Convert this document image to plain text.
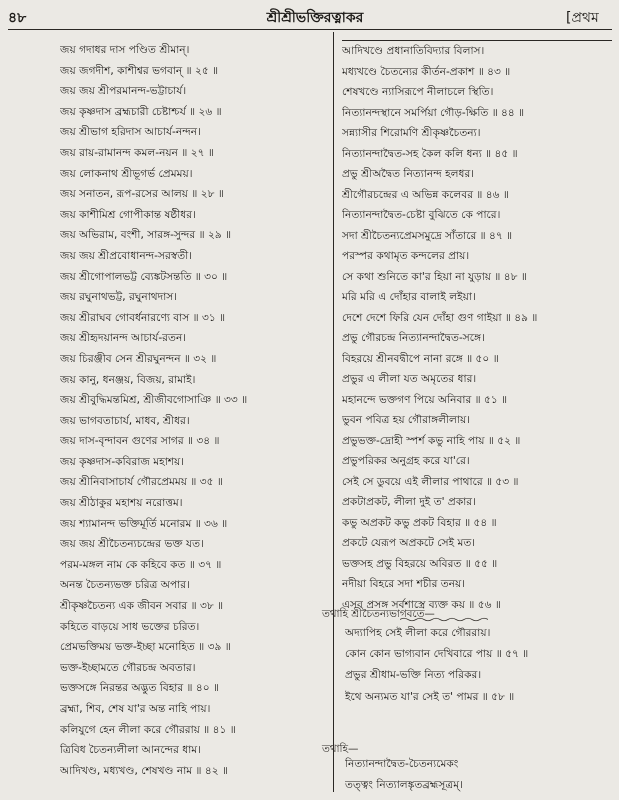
৪৮	শ্রীশ্রীভক্তিরত্নাকর	[প্রথম
জয় গদাধর দাস পণ্ডিত শ্রীমান্।
জয় জগদীশ, কাশীশ্বর ভগবান্ ॥ ২৫ ॥
জয় জয় শ্রীপরমানন্দ-ভট্টাচার্য।
জয় কৃষ্ণদাস ব্রহ্মচারী চেষ্টাশ্চর্য ॥ ২৬ ॥
জয় শ্রীভাগ হরিদাস আচার্য-নন্দন।
জয় রায়-রামানন্দ কমল-নয়ন ॥ ২৭ ॥
জয় লোকনাথ শ্রীভূগর্ভ প্রেমময়।
জয় সনাতন, রূপ-রসের আলয় ॥ ২৮ ॥
জয় কাশীমিশ্র গোপীকান্ত ষষ্ঠীধর।
জয় অভিরাম, বংশী, সারঙ্গ-সুন্দর ॥ ২৯ ॥
জয় জয় শ্রীপ্রবোধানন্দ-সরস্বতী।
জয় শ্রীগোপালভট্ট ব্যেঙ্কটসন্ততি ॥ ৩০ ॥
জয় রঘুনাথভট্ট, রঘুনাথদাস।
জয় শ্রীরাঘব গোবর্ধনারণ্যে বাস ॥ ৩১ ॥
জয় শ্রীহৃদয়ানন্দ আচার্য-রতন।
জয় চিরঞ্জীব সেন শ্রীরঘুনন্দন ॥ ৩২ ॥
জয় কানু, ধনঞ্জয়, বিজয়, রামাই।
জয় শ্রীবুদ্ধিমন্তমিশ্র, শ্রীজীবগোসাঞি ॥ ৩৩ ॥
জয় ভাগবতাচার্য, মাধব, শ্রীধর।
জয় দাস-বৃন্দাবন গুণের সাগর ॥ ৩৪ ॥
জয় কৃষ্ণদাস-কবিরাজ মহাশয়।
জয় শ্রীনিবাসাচার্য গৌরপ্রেমময় ॥ ৩৫ ॥
জয় শ্রীঠাকুর মহাশয় নরোত্তম।
জয় শ্যামানন্দ ভক্তিমূর্তি মনোরম ॥ ৩৬ ॥
জয় জয় শ্রীচৈতন্যচন্দ্রের ভক্ত যত।
পরম-মঙ্গল নাম কে কহিবে কত ॥ ৩৭ ॥
অনন্ত চৈতন্যভক্ত চরিত্র অপার।
শ্রীকৃষ্ণচৈতন্য এক জীবন সবার ॥ ৩৮ ॥
কহিতে বাড়য়ে সাধ ভক্তের চরিত।
প্রেমভক্তিময় ভক্ত-ইচ্ছা মনোহিত ॥ ৩৯ ॥
ভক্ত-ইচ্ছামতে গৌরচন্দ্র অবতার।
ভক্তসঙ্গে নিরন্তর অদ্ভুত বিহার ॥ ৪০ ॥
ব্রহ্মা, শিব, শেষ যা'র অন্ত নাহি পায়।
কলিযুগে হেন লীলা করে গৌররায় ॥ ৪১ ॥
ত্রিবিধ চৈতন্যলীলা আনন্দের ধাম।
আদিখণ্ড, মধ্যখণ্ড, শেষখণ্ড নাম ॥ ৪২ ॥
আদিখণ্ডে প্রধানাতিবিদ্যার বিলাস।
মধ্যখণ্ডে চৈতন্যের কীর্তন-প্রকাশ ॥ ৪৩ ॥
শেষখণ্ডে ন্যাসিরূপে নীলাচলে স্থিতি।
নিত্যানন্দস্থানে সমর্পিয়া গৌড়-ক্ষিতি ॥ ৪৪ ॥
সন্ন্যাসীর শিরোমণি শ্রীকৃষ্ণচৈতন্য।
নিত্যানন্দাদ্বৈত-সহ কৈল কলি ধন্য ॥ ৪৫ ॥
প্রভু শ্রীঅদ্বৈত নিত্যানন্দ হলধর।
শ্রীগৌরচন্দ্রের এ অভিন্ন কলেবর ॥ ৪৬ ॥
নিত্যানন্দাদ্বৈত-চেষ্টা বুঝিতে কে পারে।
সদা শ্রীচৈতন্যপ্রেমসমুদ্রে সাঁতারে ॥ ৪৭ ॥
পরস্পর কথামৃত কন্দলের প্রায়।
সে কথা শুনিতে কা'র হিয়া না যুড়ায় ॥ ৪৮ ॥
মরি মরি এ দোঁহার বালাই লইয়া।
দেশে দেশে ফিরি যেন দোঁহা গুণ গাইয়া ॥ ৪৯ ॥
প্রভু গৌরচন্দ্র নিত্যানন্দাদ্বৈত-সঙ্গে।
বিহরয়ে শ্রীনবদ্বীপে নানা রঙ্গে ॥ ৫০ ॥
প্রভুর এ লীলা যত অমৃতের ধার।
মহানন্দে ভক্তগণ পিয়ে অনিবার ॥ ৫১ ॥
ভুবন পবিত্র হয় গৌরাঙ্গলীলায়।
প্রভুভক্ত-দ্রোহী স্পর্শ কভু নাহি পায় ॥ ৫২ ॥
প্রভুপরিকর অনুগ্রহ করে যা'রে।
সেই সে ডুবয়ে এই লীলার পাথারে ॥ ৫৩ ॥
প্রকটাপ্রকট, লীলা দুই ত' প্রকার।
কভু অপ্রকট কভু প্রকট বিহার ॥ ৫৪ ॥
প্রকটে যেরূপ অপ্রকটে সেই মত।
ভক্তসহ প্রভু বিহরয়ে অবিরত ॥ ৫৫ ॥
নদীয়া বিহরে সদা শচীর তনয়।
এসব প্রসঙ্গ সর্বশাস্ত্রে ব্যক্ত কয় ॥ ৫৬ ॥
তথাহি শ্রীচৈতন্যভাগবতে—
অদ্যাপিহ সেই লীলা করে গৌররায়।
কোন কোন ভাগ্যবান দেখিবারে পায় ॥ ৫৭ ॥
প্রভুর শ্রীধাম-ভক্তি নিত্য পরিকর।
ইথে অন্যমত যা'র সেই ত' পামর ॥ ৫৮ ॥
তথাহি—
নিত্যানন্দাদ্বৈত-চৈতন্যমেকং
তত্ত্বং নিত্যালঙ্কৃতব্রহ্মসূত্রম্।
